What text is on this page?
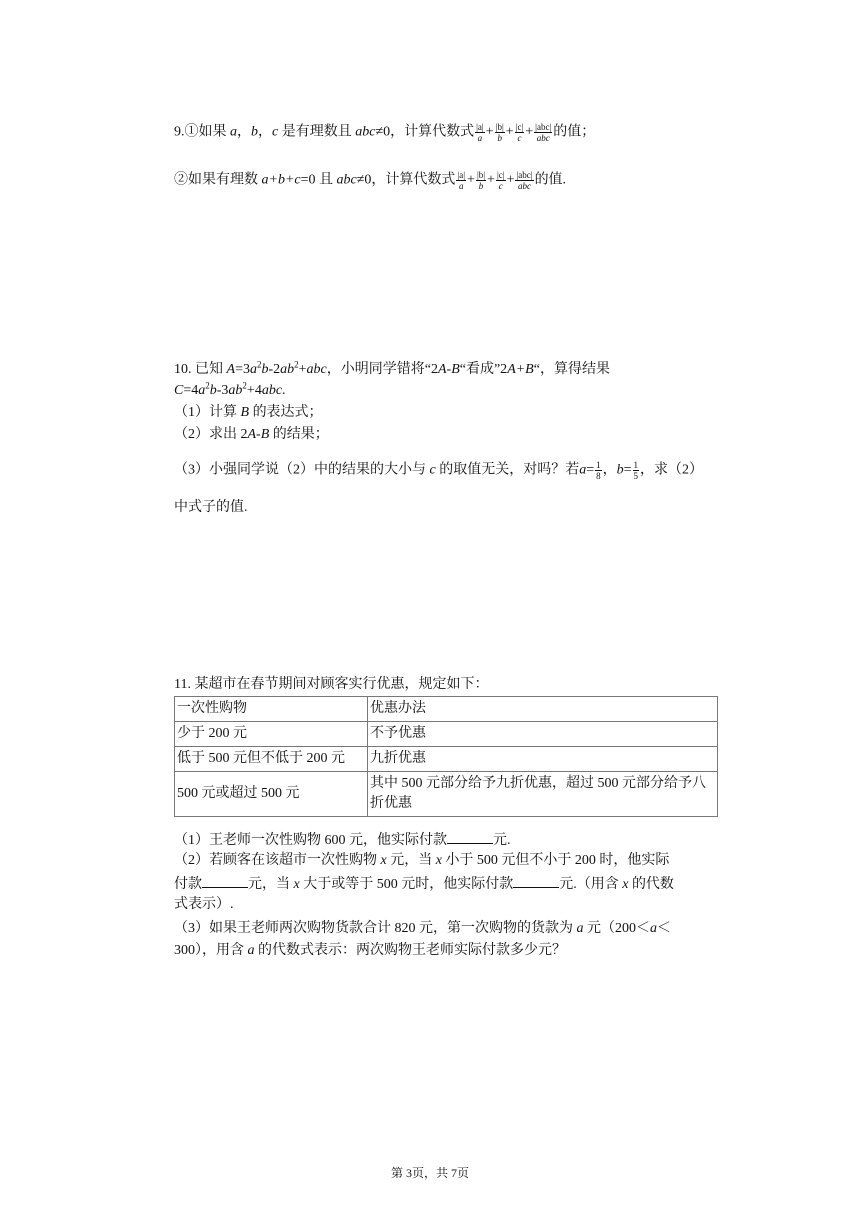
9.①如果 a，b，c 是有理数且 abc≠0，计算代数式 $\frac{|a|}{a} + \frac{|b|}{b} + \frac{|c|}{c} + \frac{\text{|abc|}}{\text{abc}}$ 的值；
②如果有理数 a+b+c=0 且 abc≠0，计算代数式 $\frac{|a|}{a} + \frac{|b|}{b} + \frac{|c|}{c} + \frac{\text{|abc|}}{\text{abc}}$ 的值.
10. 已知 $A=3a^2b-2ab^2+abc$，小明同学错将“2A-B“看成”2A+B“，算得结果
$C=4a^2b-3ab^2+4abc$.
（1）计算 B 的表达式；
（2）求出 2A-B 的结果；
（3）小强同学说（2）中的结果的大小与 c 的取值无关，对吗？若$a= \frac{1}{8}$ ，$b= \frac{1}{5}$ ，求（2）
中式子的值.
11. 某超市在春节期间对顾客实行优惠，规定如下：
一次性购物	优惠办法
少于 200 元	不予优惠
低于 500 元但不低于 200 元	九折优惠
500 元或超过 500 元	其中 500 元部分给予九折优惠，超过 500 元部分给予八折优惠
（1）王老师一次性购物 600 元，他实际付款	元.
（2）若顾客在该超市一次性购物 x 元，当 x 小于 500 元但不小于 200 时，他实际
付款	元，当 x 大于或等于 500 元时，他实际付款	元.（用含 x 的代数
式表示）.
（3）如果王老师两次购物货款合计 820 元，第一次购物的货款为 a 元（200＜a＜
300），用含 a 的代数式表示：两次购物王老师实际付款多少元？
第 3页，共 7页
